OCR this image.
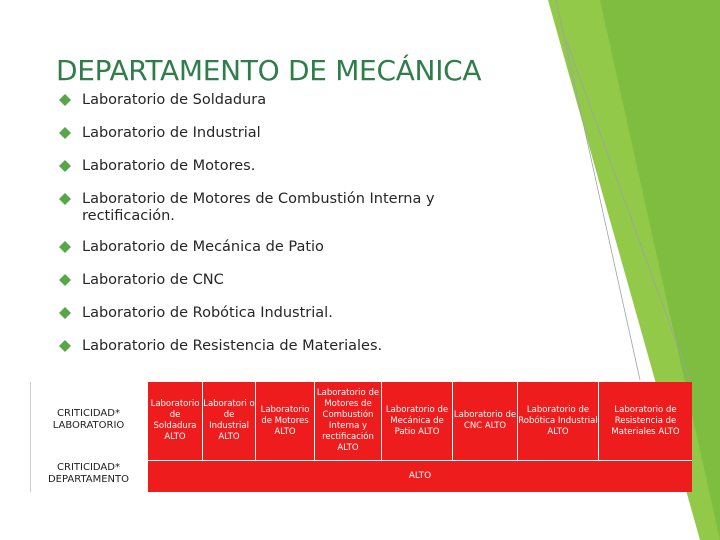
DEPARTAMENTO DE MECÁNICA
Laboratorio de Soldadura
Laboratorio de Industrial
Laboratorio de Motores.
Laboratorio de Motores de Combustión Interna y rectificación.
Laboratorio de Mecánica de Patio
Laboratorio de CNC
Laboratorio de Robótica Industrial.
Laboratorio de Resistencia de Materiales.
CRITICIDAD* LABORATORIO
CRITICIDAD* DEPARTAMENTO
Laboratorio de Soldadura ALTO
Laboratori o de Industrial ALTO
Laboratorio de Motores ALTO
Laboratorio de Motores de Combustión Interna y rectificación ALTO
Laboratorio de Mecánica de Patio ALTO
Laboratorio de CNC ALTO
Laboratorio de Robótica Industrial ALTO
Laboratorio de Resistencia de Materiales ALTO
ALTO
